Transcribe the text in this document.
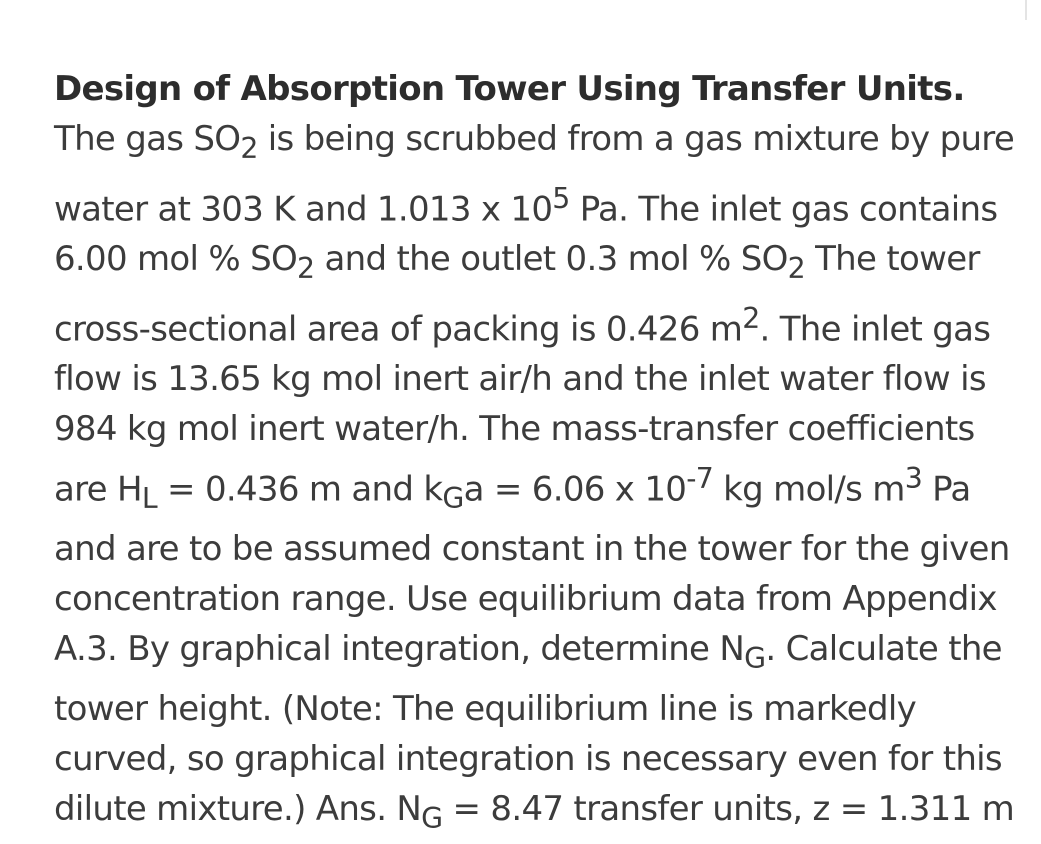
Design of Absorption Tower Using Transfer Units. The gas $SO_2$ is being scrubbed from a gas mixture by pure water at 303 K and 1.013 x $10^5$ Pa. The inlet gas contains 6.00 mol % $SO_2$ and the outlet 0.3 mol % $SO_2$ The tower cross-sectional area of packing is 0.426 $m^2$. The inlet gas flow is 13.65 kg mol inert air/h and the inlet water flow is 984 kg mol inert water/h. The mass-transfer coefficients are $H_L = 0.436$ m and $k_Ga = 6.06$ x $10^{-7}$ kg mol/s $m^3$ Pa and are to be assumed constant in the tower for the given concentration range. Use equilibrium data from Appendix A.3. By graphical integration, determine $N_G$. Calculate the tower height. (Note: The equilibrium line is markedly curved, so graphical integration is necessary even for this dilute mixture.) Ans. $N_G = 8.47$ transfer units, z = 1.311 m
